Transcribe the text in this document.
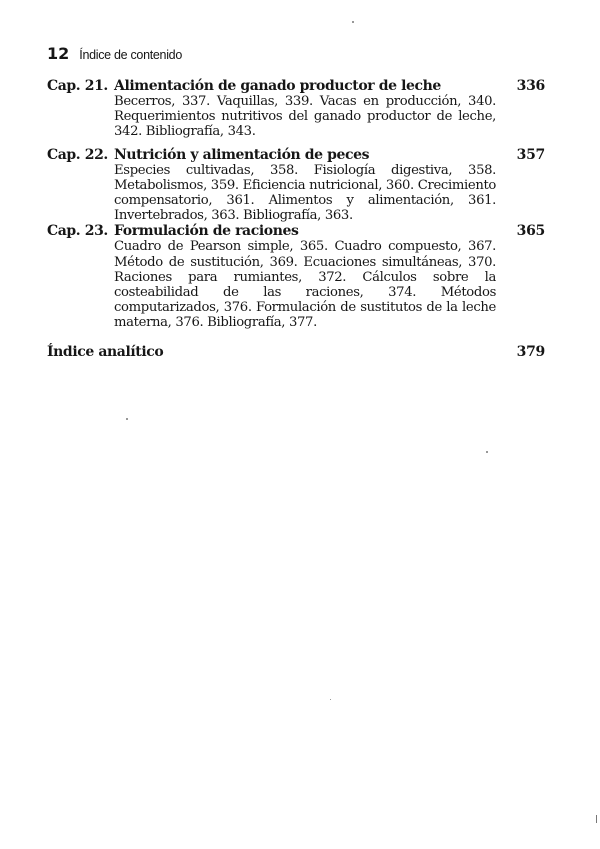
12 Índice de contenido
Cap. 21. Alimentación de ganado productor de leche	336
Becerros, 337. Vaquillas, 339. Vacas en producción, 340. Requerimientos nutritivos del ganado productor de leche, 342. Bibliografía, 343.
Cap. 22. Nutrición y alimentación de peces	357
Especies cultivadas, 358. Fisiología digestiva, 358. Metabolismos, 359. Eficiencia nutricional, 360. Crecimiento compensatorio, 361. Alimentos y alimentación, 361. Invertebrados, 363. Bibliografía, 363.
Cap. 23. Formulación de raciones	365
Cuadro de Pearson simple, 365. Cuadro compuesto, 367. Método de sustitución, 369. Ecuaciones simultáneas, 370. Raciones para rumiantes, 372. Cálculos sobre la costeabilidad de las raciones, 374. Métodos computarizados, 376. Formulación de sustitutos de la leche materna, 376. Bibliografía, 377.
Índice analítico	379
